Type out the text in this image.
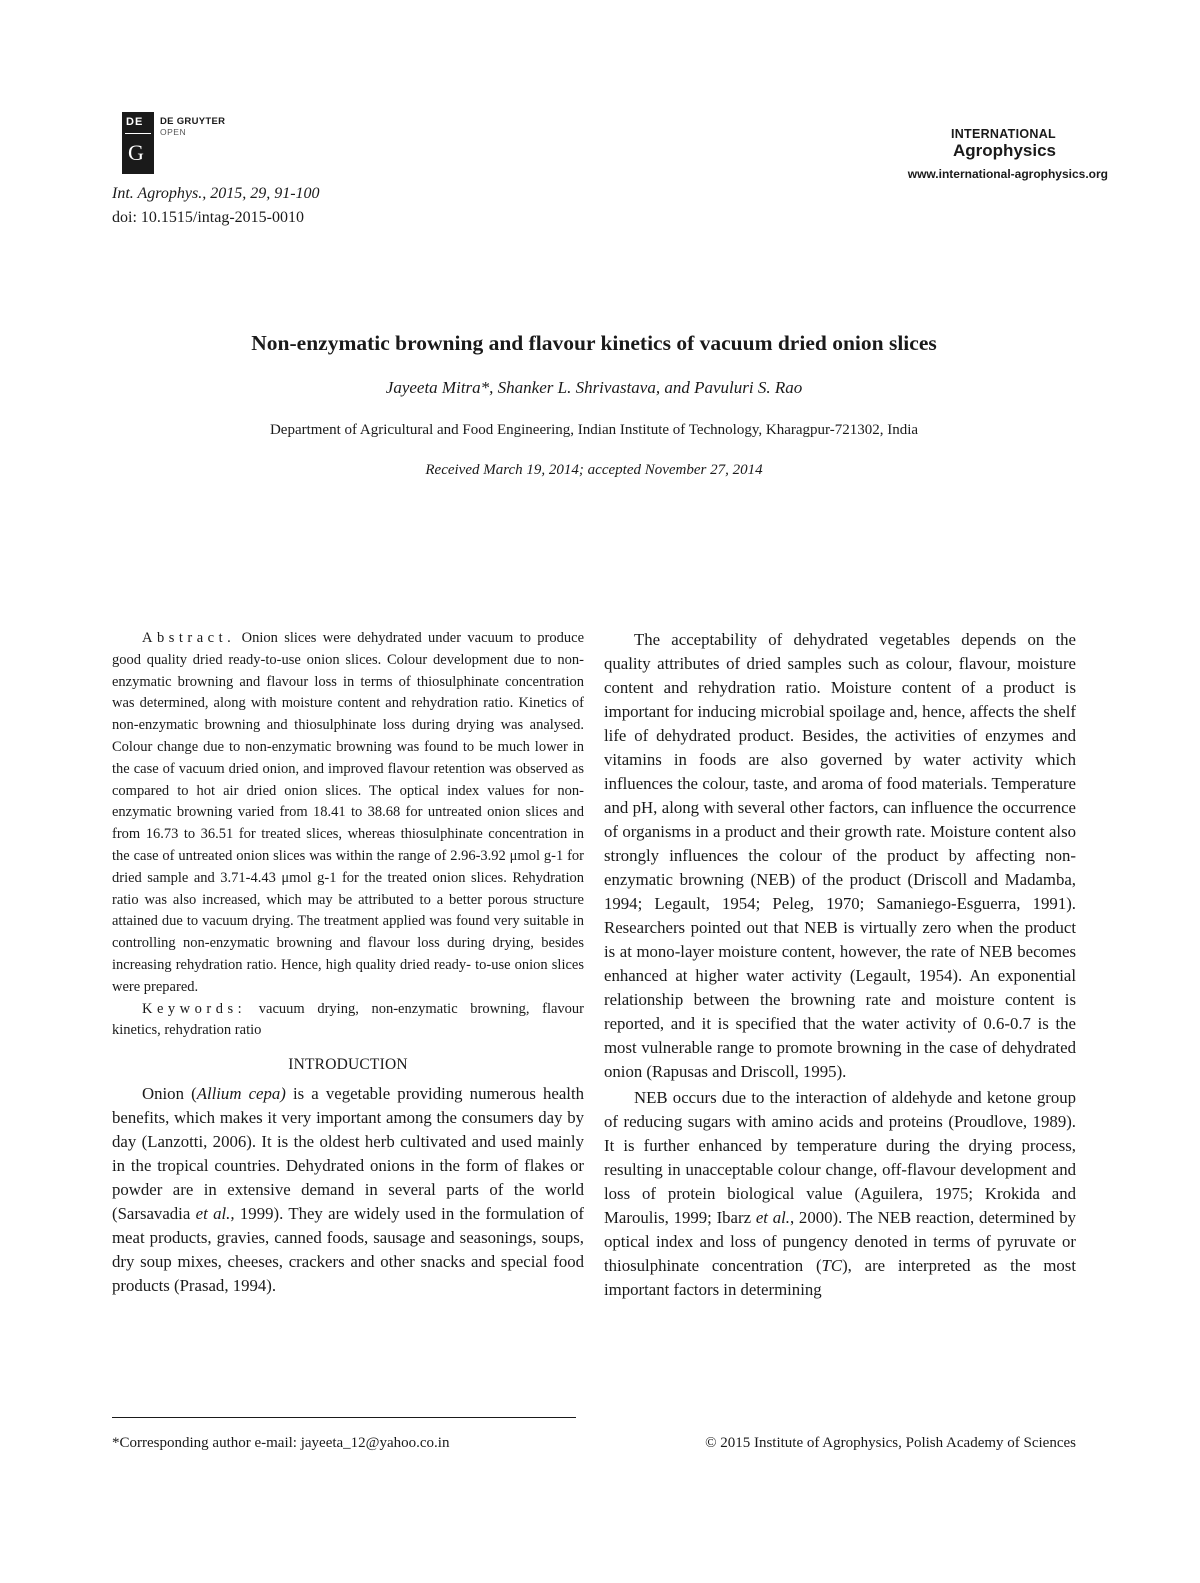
DE
G
DE GRUYTER
OPEN
Int. Agrophys., 2015, 29, 91-100
doi: 10.1515/intag-2015-0010
INTERNATIONAL
Agrophysics
www.international-agrophysics.org
Non-enzymatic browning and flavour kinetics of vacuum dried onion slices
Jayeeta Mitra*, Shanker L. Shrivastava, and Pavuluri S. Rao
Department of Agricultural and Food Engineering, Indian Institute of Technology, Kharagpur-721302, India
Received March 19, 2014; accepted November 27, 2014

Abstract. Onion slices were dehydrated under vacuum to produce good quality dried ready-to-use onion slices. Colour development due to non-enzymatic browning and flavour loss in terms of thiosulphinate concentration was determined, along with moisture content and rehydration ratio. Kinetics of non-enzymatic browning and thiosulphinate loss during drying was analysed. Colour change due to non-enzymatic browning was found to be much lower in the case of vacuum dried onion, and improved flavour retention was observed as compared to hot air dried onion slices. The optical index values for non-enzymatic browning varied from 18.41 to 38.68 for untreated onion slices and from 16.73 to 36.51 for treated slices, whereas thiosulphinate concentration in the case of untreated onion slices was within the range of 2.96-3.92 μmol g-1 for dried sample and 3.71-4.43 μmol g-1 for the treated onion slices. Rehydration ratio was also increased, which may be attributed to a better porous structure attained due to vacuum drying. The treatment applied was found very suitable in controlling non-enzymatic browning and flavour loss during drying, besides increasing rehydration ratio. Hence, high quality dried ready- to-use onion slices were prepared.

Keywords: vacuum drying, non-enzymatic browning, flavour kinetics, rehydration ratio

INTRODUCTION

Onion (Allium cepa) is a vegetable providing numerous health benefits, which makes it very important among the consumers day by day (Lanzotti, 2006). It is the oldest herb cultivated and used mainly in the tropical countries. Dehydrated onions in the form of flakes or powder are in extensive demand in several parts of the world (Sarsavadia et al., 1999). They are widely used in the formulation of meat products, gravies, canned foods, sausage and seasonings, soups, dry soup mixes, cheeses, crackers and other snacks and special food products (Prasad, 1994).

The acceptability of dehydrated vegetables depends on the quality attributes of dried samples such as colour, flavour, moisture content and rehydration ratio. Moisture content of a product is important for inducing microbial spoilage and, hence, affects the shelf life of dehydrated product. Besides, the activities of enzymes and vitamins in foods are also governed by water activity which influences the colour, taste, and aroma of food materials. Temperature and pH, along with several other factors, can influence the occurrence of organisms in a product and their growth rate. Moisture content also strongly influences the colour of the product by affecting non-enzymatic browning (NEB) of the product (Driscoll and Madamba, 1994; Legault, 1954; Peleg, 1970; Samaniego-Esguerra, 1991). Researchers pointed out that NEB is virtually zero when the product is at mono-layer moisture content, however, the rate of NEB becomes enhanced at higher water activity (Legault, 1954). An exponential relationship between the browning rate and moisture content is reported, and it is specified that the water activity of 0.6-0.7 is the most vulnerable range to promote browning in the case of dehydrated onion (Rapusas and Driscoll, 1995).

NEB occurs due to the interaction of aldehyde and ketone group of reducing sugars with amino acids and proteins (Proudlove, 1989). It is further enhanced by temperature during the drying process, resulting in unacceptable colour change, off-flavour development and loss of protein biological value (Aguilera, 1975; Krokida and Maroulis, 1999; Ibarz et al., 2000). The NEB reaction, determined by optical index and loss of pungency denoted in terms of pyruvate or thiosulphinate concentration (TC), are interpreted as the most important factors in determining

*Corresponding author e-mail: jayeeta_12@yahoo.co.in	© 2015 Institute of Agrophysics, Polish Academy of Sciences
